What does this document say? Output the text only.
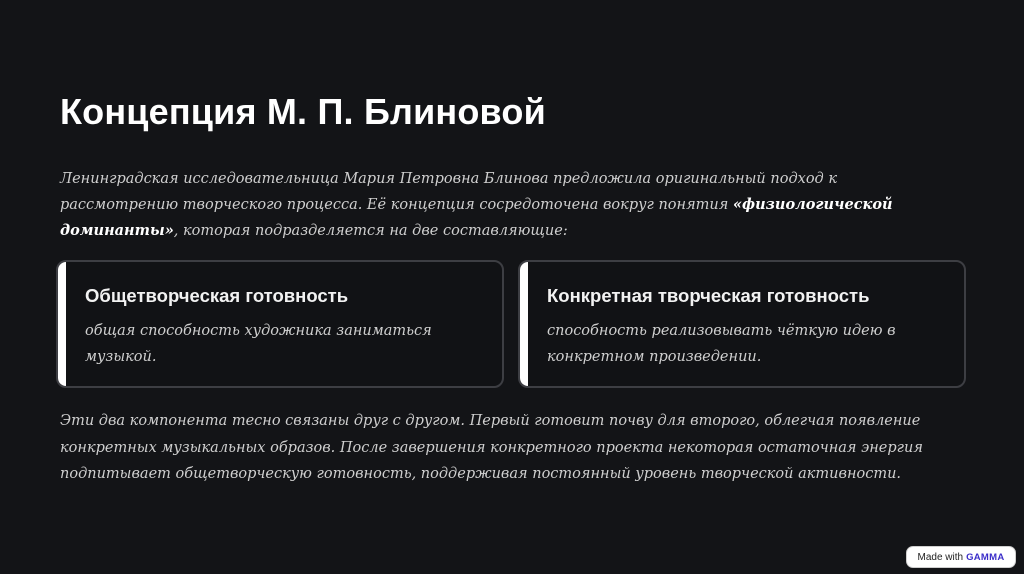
Концепция М. П. Блиновой

Ленинградская исследовательница Мария Петровна Блинова предложила оригинальный подход к рассмотрению творческого процесса. Её концепция сосредоточена вокруг понятия «физиологической доминанты», которая подразделяется на две составляющие:

Общетворческая готовность

общая способность художника заниматься музыкой.

Конкретная творческая готовность

способность реализовывать чёткую идею в конкретном произведении.

Эти два компонента тесно связаны друг с другом. Первый готовит почву для второго, облегчая появление конкретных музыкальных образов. После завершения конкретного проекта некоторая остаточная энергия подпитывает общетворческую готовность, поддерживая постоянный уровень творческой активности.

Made with GAMMA
